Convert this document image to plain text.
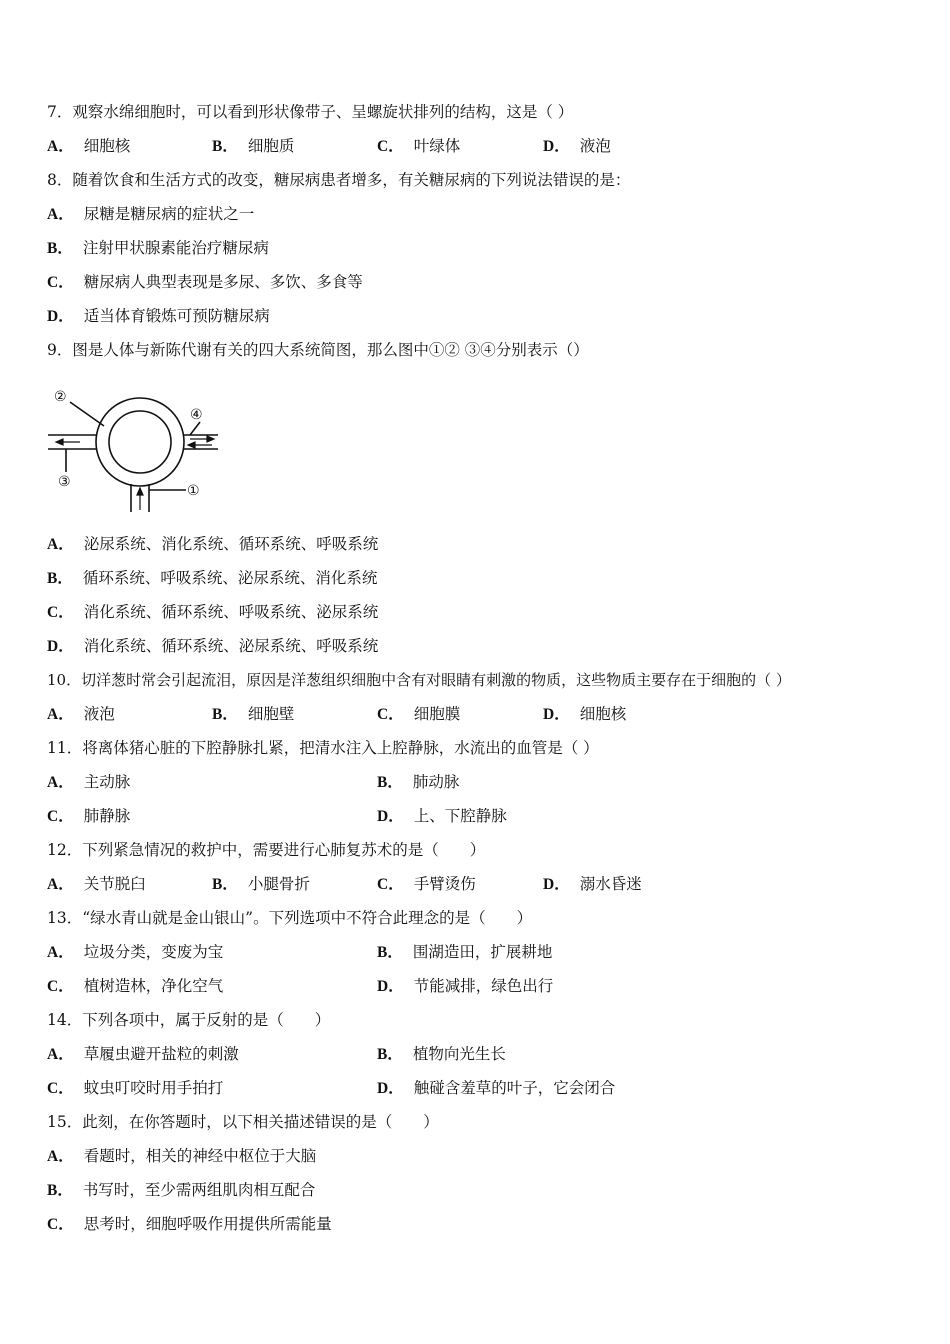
7．观察水绵细胞时，可以看到形状像带子、呈螺旋状排列的结构，这是（ ）
A． 细胞核	B． 细胞质	C． 叶绿体	D． 液泡
8．随着饮食和生活方式的改变，糖尿病患者增多，有关糖尿病的下列说法错误的是：
A． 尿糖是糖尿病的症状之一
B． 注射甲状腺素能治疗糖尿病
C． 糖尿病人典型表现是多尿、多饮、多食等
D． 适当体育锻炼可预防糖尿病
9．图是人体与新陈代谢有关的四大系统简图，那么图中①② ③④分别表示（）
②
③
④
①
A． 泌尿系统、消化系统、循环系统、呼吸系统
B． 循环系统、呼吸系统、泌尿系统、消化系统
C． 消化系统、循环系统、呼吸系统、泌尿系统
D． 消化系统、循环系统、泌尿系统、呼吸系统
10．切洋葱时常会引起流泪，原因是洋葱组织细胞中含有对眼睛有刺激的物质，这些物质主要存在于细胞的（ ）
A． 液泡	B． 细胞壁	C． 细胞膜	D． 细胞核
11．将离体猪心脏的下腔静脉扎紧，把清水注入上腔静脉，水流出的血管是（ ）
A． 主动脉	B． 肺动脉
C． 肺静脉	D． 上、下腔静脉
12．下列紧急情况的救护中，需要进行心肺复苏术的是（　　）
A． 关节脱臼	B． 小腿骨折	C． 手臂烫伤	D． 溺水昏迷
13．“绿水青山就是金山银山”。下列选项中不符合此理念的是（　　）
A． 垃圾分类，变废为宝	B． 围湖造田，扩展耕地
C． 植树造林，净化空气	D． 节能减排，绿色出行
14．下列各项中，属于反射的是（　　）
A． 草履虫避开盐粒的刺激	B． 植物向光生长
C． 蚊虫叮咬时用手拍打	D． 触碰含羞草的叶子，它会闭合
15．此刻，在你答题时，以下相关描述错误的是（　　）
A． 看题时，相关的神经中枢位于大脑
B． 书写时，至少需两组肌肉相互配合
C． 思考时，细胞呼吸作用提供所需能量
